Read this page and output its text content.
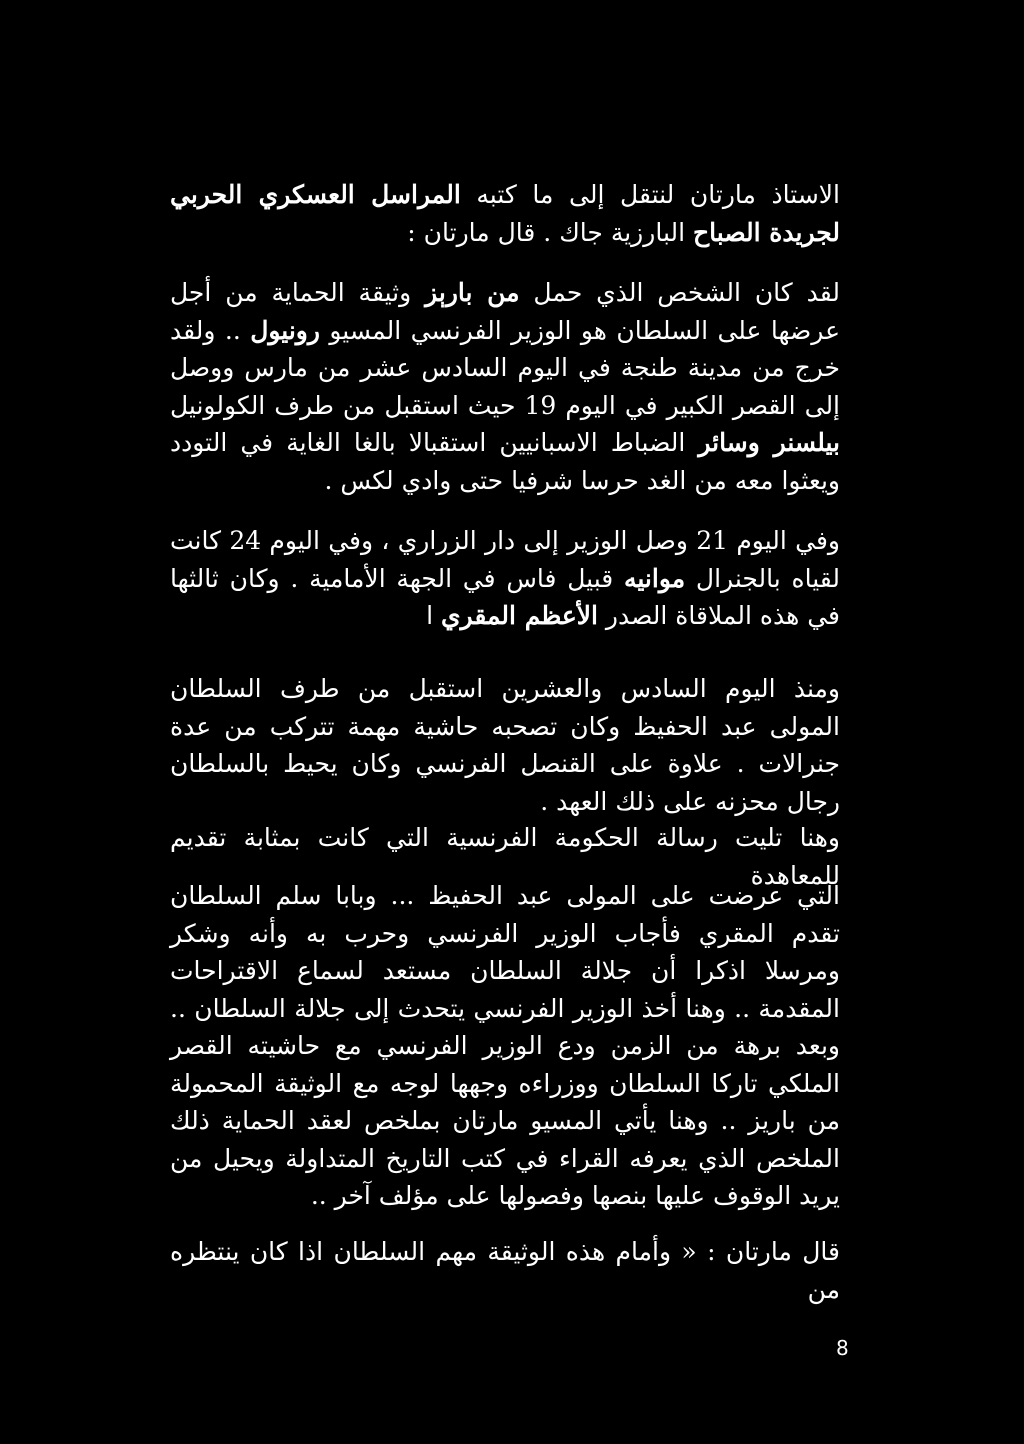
الاستاذ مارتان لنتقل إلى ما كتبه المراسل العسكري الحربي لجريدة الصباح البارزية جاك . قال مارتان :

لقد كان الشخص الذي حمل من بارېز وثيقة الحماية من أجل عرضها على السلطان هو الوزير الفرنسي المسيو رونيول .. ولقد خرج من مدينة طنجة في اليوم السادس عشر من مارس ووصل إلى القصر الكبير في اليوم 19 حيث استقبل من طرف الكولونيل بيلسنر وسائر الضباط الاسبانيين استقبالا بالغا الغاية في التودد ويعثوا معه من الغد حرسا شرفيا حتى وادي لكس .

وفي اليوم 21 وصل الوزير إلى دار الزراري ، وفي اليوم 24 كانت لقياه بالجنرال موانيه قبيل فاس في الجهة الأمامية . وكان ثالثها في هذه الملاقاة الصدر الأعظم المقري ا

ومنذ اليوم السادس والعشرين استقبل من طرف السلطان المولى عبد الحفيظ وكان تصحبه حاشية مهمة تتركب من عدة جنرالات . علاوة على القنصل الفرنسي وكان يحيط بالسلطان رجال محزنه على ذلك العهد .

وهنا تليت رسالة الحكومة الفرنسية التي كانت بمثابة تقديم للمعاهدة

التي عرضت على المولى عبد الحفيظ ... وبابا سلم السلطان تقدم المقري فأجاب الوزير الفرنسي وحرب به وأنه وشكر ومرسلا اذكرا أن جلالة السلطان مستعد لسماع الاقتراحات المقدمة .. وهنا أخذ الوزير الفرنسي يتحدث إلى جلالة السلطان .. وبعد برهة من الزمن ودع الوزير الفرنسي مع حاشيته القصر الملكي تاركا السلطان ووزراءه وجهها لوجه مع الوثيقة المحمولة من باريز .. وهنا يأتي المسيو مارتان بملخص لعقد الحماية ذلك الملخص الذي يعرفه القراء في كتب التاريخ المتداولة ويحيل من يريد الوقوف عليها بنصها وفصولها على مؤلف آخر ..

قال مارتان : « وأمام هذه الوثيقة مهم السلطان اذا كان ينتظره من

8
